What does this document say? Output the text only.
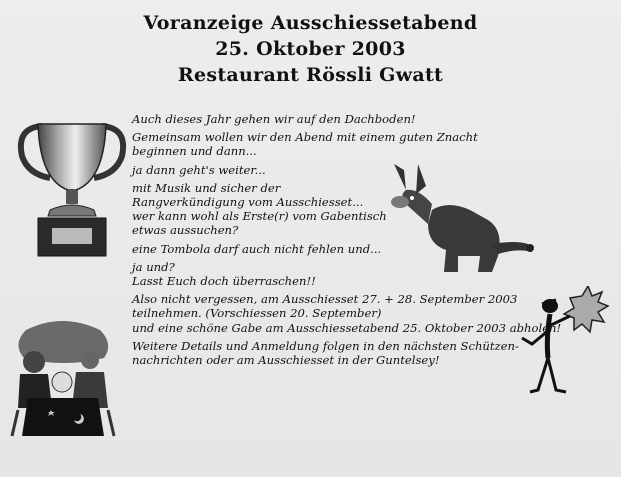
Voranzeige Ausschiessetabend
25. Oktober 2003
Restaurant Rössli Gwatt
Auch dieses Jahr gehen wir auf den Dachboden!
Gemeinsam wollen wir den Abend mit einem guten Znacht
beginnen und dann...
ja dann geht's weiter...
mit Musik und sicher der
Rangverkündigung vom Ausschiesset...
wer kann wohl als Erste(r) vom Gabentisch
etwas aussuchen?
eine Tombola darf auch nicht fehlen und...
ja und?
Lasst Euch doch überraschen!!
Also nicht vergessen, am Ausschiesset 27. + 28. September 2003
teilnehmen. (Vorschiessen 20. September)
und eine schöne Gabe am Ausschiessetabend 25. Oktober 2003 abholen!
Weitere Details und Anmeldung folgen in den nächsten Schützen-
nachrichten oder am Ausschiesset in der Guntelsey!
